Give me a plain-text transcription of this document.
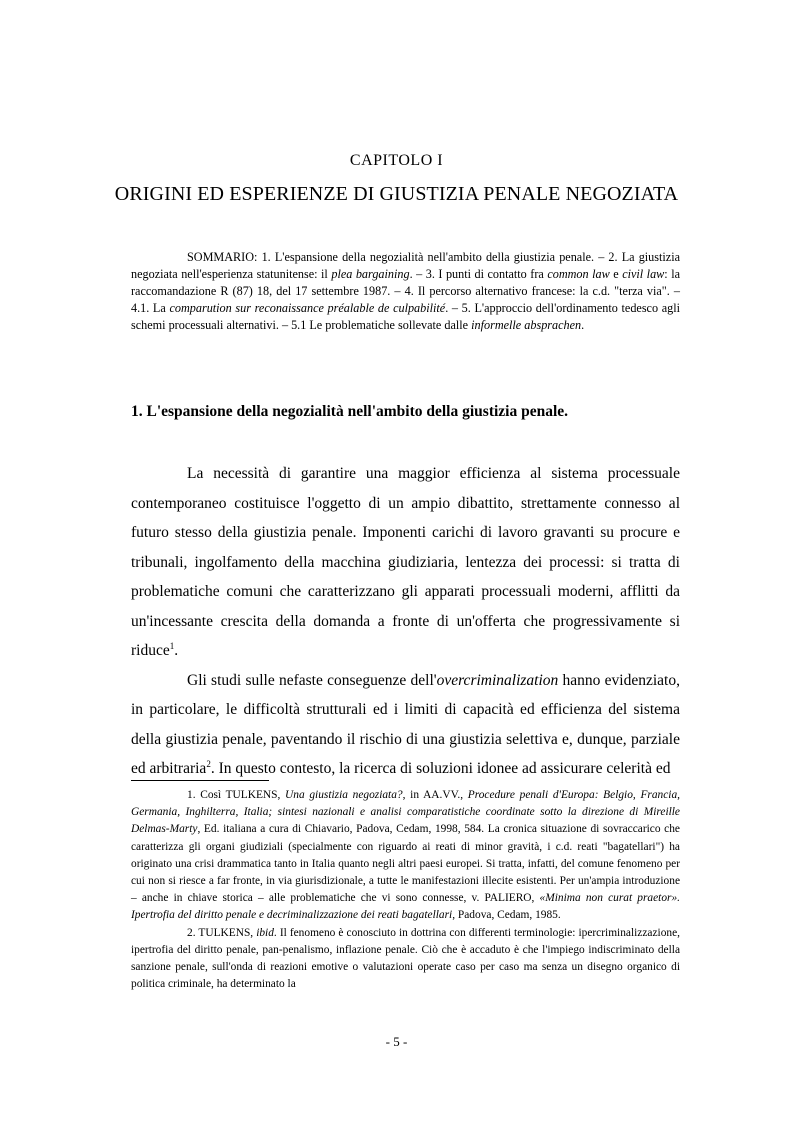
CAPITOLO I
ORIGINI ED ESPERIENZE DI GIUSTIZIA PENALE NEGOZIATA
SOMMARIO: 1. L'espansione della negozialità nell'ambito della giustizia penale. – 2. La giustizia negoziata nell'esperienza statunitense: il plea bargaining. – 3. I punti di contatto fra common law e civil law: la raccomandazione R (87) 18, del 17 settembre 1987. – 4. Il percorso alternativo francese: la c.d. "terza via". – 4.1. La comparution sur reconaissance préalable de culpabilité. – 5. L'approccio dell'ordinamento tedesco agli schemi processuali alternativi. – 5.1 Le problematiche sollevate dalle informelle absprachen.
1. L'espansione della negozialità nell'ambito della giustizia penale.

La necessità di garantire una maggior efficienza al sistema processuale contemporaneo costituisce l'oggetto di un ampio dibattito, strettamente connesso al futuro stesso della giustizia penale. Imponenti carichi di lavoro gravanti su procure e tribunali, ingolfamento della macchina giudiziaria, lentezza dei processi: si tratta di problematiche comuni che caratterizzano gli apparati processuali moderni, afflitti da un'incessante crescita della domanda a fronte di un'offerta che progressivamente si riduce$^1$.

Gli studi sulle nefaste conseguenze dell'overcriminalization hanno evidenziato, in particolare, le difficoltà strutturali ed i limiti di capacità ed efficienza del sistema della giustizia penale, paventando il rischio di una giustizia selettiva e, dunque, parziale ed arbitraria$^2$. In questo contesto, la ricerca di soluzioni idonee ad assicurare celerità ed

1. Così TULKENS, Una giustizia negoziata?, in AA.VV., Procedure penali d'Europa: Belgio, Francia, Germania, Inghilterra, Italia; sintesi nazionali e analisi comparatistiche coordinate sotto la direzione di Mireille Delmas-Marty, Ed. italiana a cura di Chiavario, Padova, Cedam, 1998, 584. La cronica situazione di sovraccarico che caratterizza gli organi giudiziali (specialmente con riguardo ai reati di minor gravità, i c.d. reati "bagatellari") ha originato una crisi drammatica tanto in Italia quanto negli altri paesi europei. Si tratta, infatti, del comune fenomeno per cui non si riesce a far fronte, in via giurisdizionale, a tutte le manifestazioni illecite esistenti. Per un'ampia introduzione – anche in chiave storica – alle problematiche che vi sono connesse, v. PALIERO, «Minima non curat praetor». Ipertrofia del diritto penale e decriminalizzazione dei reati bagatellari, Padova, Cedam, 1985.

2. TULKENS, ibid. Il fenomeno è conosciuto in dottrina con differenti terminologie: ipercriminalizzazione, ipertrofia del diritto penale, pan-penalismo, inflazione penale. Ciò che è accaduto è che l'impiego indiscriminato della sanzione penale, sull'onda di reazioni emotive o valutazioni operate caso per caso ma senza un disegno organico di politica criminale, ha determinato la

- 5 -
